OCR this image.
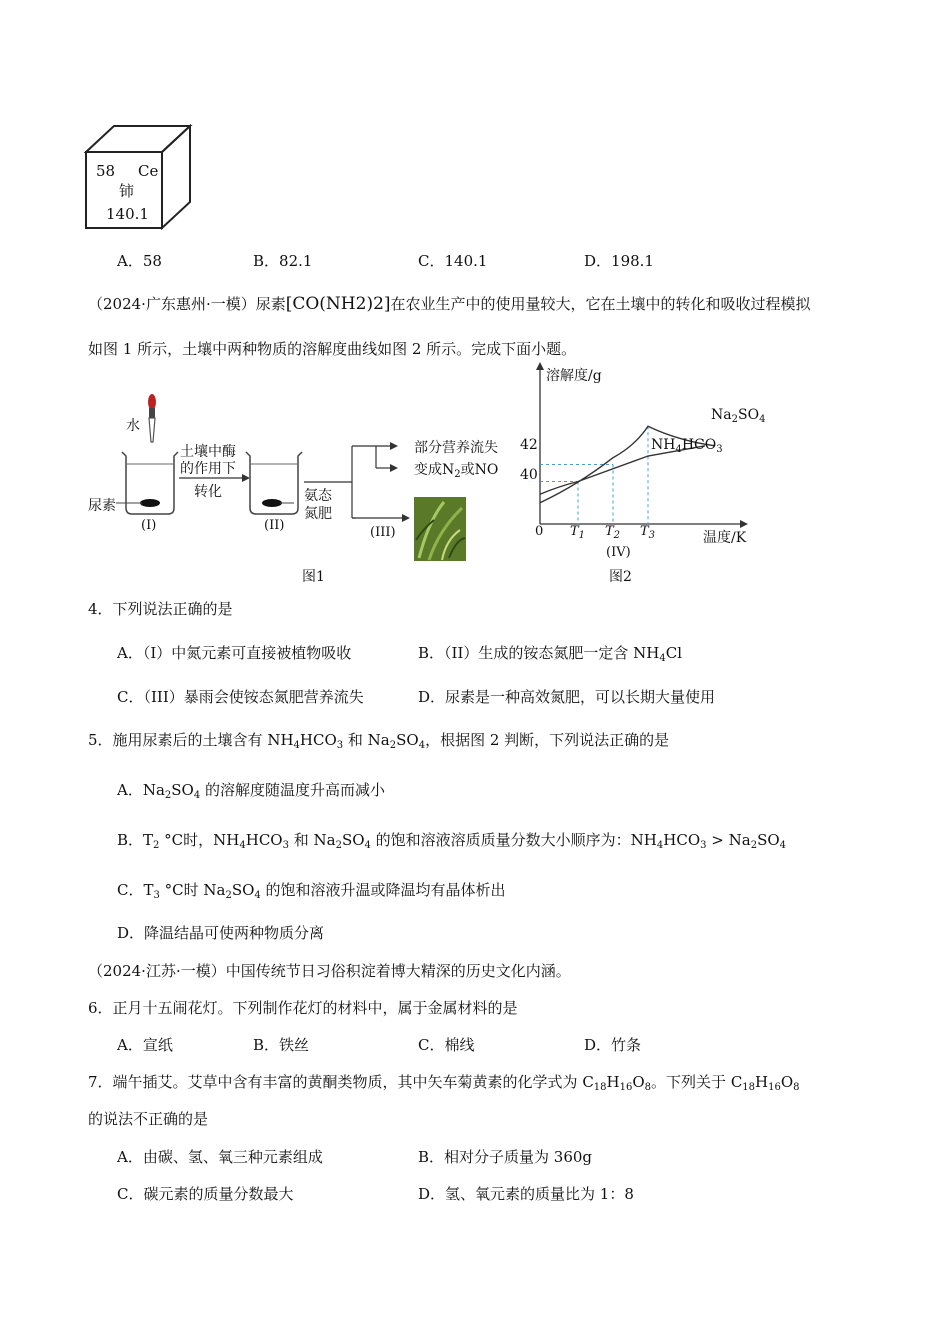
58 Ce
铈
140.1
A．58	B．82.1	C．140.1	D．198.1
（2024·广东惠州·一模）尿素[CO(NH2)2]在农业生产中的使用量较大，它在土壤中的转化和吸收过程模拟
如图 1 所示，土壤中两种物质的溶解度曲线如图 2 所示。完成下面小题。
水
尿素
土壤中酶
的作用下
转化
(I)	(II)
氨态
氮肥
(III)
部分营养流失
变成$N_2$或NO
图1
溶解度/g
温度/K
0
42
40
$T_1$ $T_2$ $T_3$
(IV)
图2
$Na_2SO_4$
$NH_4HCO_3$
4．下列说法正确的是
A．（I）中氮元素可直接被植物吸收	B．（II）生成的铵态氮肥一定含 $NH_4Cl$
C．（III）暴雨会使铵态氮肥营养流失	D．尿素是一种高效氮肥，可以长期大量使用
5．施用尿素后的土壤含有 $NH_4HCO_3$ 和 $Na_2SO_4$，根据图 2 判断，下列说法正确的是
A．$Na_2SO_4$ 的溶解度随温度升高而减小
B．$T_2$ °C时，$NH_4HCO_3$ 和 $Na_2SO_4$ 的饱和溶液溶质质量分数大小顺序为：$NH_4HCO_3 > Na_2SO_4$
C．$T_3$ °C时 $Na_2SO_4$ 的饱和溶液升温或降温均有晶体析出
D．降温结晶可使两种物质分离
（2024·江苏·一模）中国传统节日习俗积淀着博大精深的历史文化内涵。
6．正月十五闹花灯。下列制作花灯的材料中，属于金属材料的是
A．宣纸	B．铁丝	C．棉线	D．竹条
7．端午插艾。艾草中含有丰富的黄酮类物质，其中矢车菊黄素的化学式为 $C_{18}H_{16}O_8$。下列关于 $C_{18}H_{16}O_8$
的说法不正确的是
A．由碳、氢、氧三种元素组成	B．相对分子质量为 360g
C．碳元素的质量分数最大	D．氢、氧元素的质量比为 1：8
